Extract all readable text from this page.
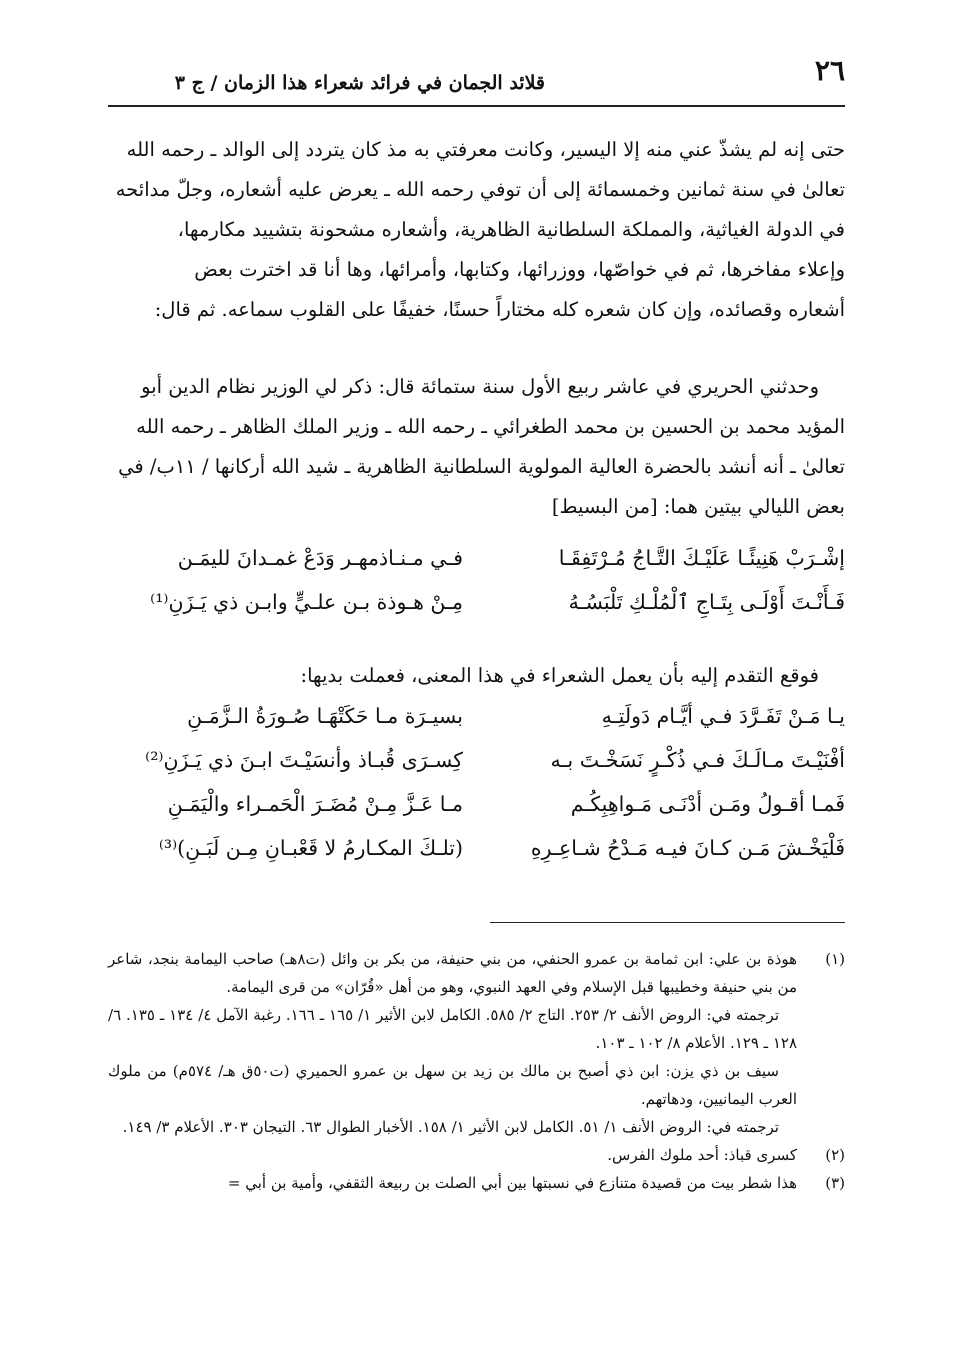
٢٦
قلائد الجمان في فرائد شعراء هذا الزمان / ج ٣

حتى إنه لم يشذّ عني منه إلا اليسير، وكانت معرفتي به مذ كان يتردد إلى الوالد ـ رحمه الله

تعالىٰ في سنة ثمانين وخمسمائة إلى أن توفي رحمه الله ـ يعرض عليه أشعاره، وجلّ مدائحه

في الدولة الغياثية، والمملكة السلطانية الظاهرية، وأشعاره مشحونة بتشييد مكارمها،

وإعلاء مفاخرها، ثم في خواصّها، ووزرائها، وكتابها، وأمرائها، وها أنا قد اخترت بعض

أشعاره وقصائده، وإن كان شعره كله مختاراً حسنًا، خفيفًا على القلوب سماعه. ثم قال:

وحدثني الحريري في عاشر ربيع الأول سنة ستمائة قال: ذكر لي الوزير نظام الدين أبو

المؤيد محمد بن الحسين بن محمد الطغرائي ـ رحمه الله ـ وزير الملك الظاهر ـ رحمه الله

تعالىٰ ـ أنه أنشد بالحضرة العالية المولوية السلطانية الظاهرية ـ شيد الله أركانها / ١١ب/ في

بعض الليالي بيتين هما: [من البسيط]

إشْـرَبْ هَنِيئًـا عَلَيْـكَ التَّـاجُ مُـرْتَفِقَـا
فـي مـنـاذمهـر وَدَعْ غمـدانَ لليمَـن
فَـأَنْـتَ أَوْلَـى بِتَـاجِ ٱلْمُلْـكِ تَلْبَسُـهُ
مِـنْ هـوذة بـن علـيٍّ وابـن ذي يَـزَنِ⁽¹⁾

فوقع التقدم إليه بأن يعمل الشعراء في هذا المعنى، فعملت بديها:

يـا مَـنْ تَفَـرَّدَ فـي أيَّـام دَولَتِـهِ
بسيـرَة مـا حَكَتْهَـا صُـورَةُ الـزَّمَـنِ
أفْنَيْـتَ مـالَـكَ فـي ذُكْـرٍ نَسَخْـتَ بـه
كِسـرَى قُبـاذ وأنسَيْـتَ ابـنَ ذي يَـزَنِ⁽²⁾
فَمـا أقـولُ ومَـن أدْنَـى مَـواهِبِكُـم
مـا عَـزَّ مِـنْ مُضَـرَ الْحَمـراء والْيَمَـنِ
فَلْيَخْـشَ مَـن كـانَ فيـه مَـدْحُ شـاعِـرِهِ
(تلـكَ المكـارمُ لا قَعْبـانِ مِـن لَبَـنِ)⁽³⁾
(١)
هوذة بن علي: ابن ثمامة بن عمرو الحنفي، من بني حنيفة، من بكر بن وائل (ت٨هـ) صاحب اليمامة بنجد، شاعر من بني حنيفة وخطيبها قبل الإسلام وفي العهد النبوي، وهو من أهل «قُرّان» من قرى اليمامة.

ترجمته في: الروض الأنف ٢/ ٢٥٣. التاج ٢/ ٥٨٥. الكامل لابن الأثير ١/ ١٦٥ ـ ١٦٦. رغبة الآمل ٤/ ١٣٤ ـ ١٣٥. ٦/ ١٢٨ ـ ١٢٩. الأعلام ٨/ ١٠٢ ـ ١٠٣.

سيف بن ذي يزن: ابن ذي أصبح بن مالك بن زيد بن سهل بن عمرو الحميري (ت٥٠ق هـ/ ٥٧٤م) من ملوك العرب اليمانيين، ودهاتهم.

ترجمته في: الروض الأنف ١/ ٥١. الكامل لابن الأثير ١/ ١٥٨. الأخبار الطوال ٦٣. التيجان ٣٠٣. الأعلام ٣/ ١٤٩.

(٢)
كسرى قباذ: أحد ملوك الفرس.
(٣)
هذا شطر بيت من قصيدة متنازع في نسبتها بين أبي الصلت بن ربيعة الثقفي، وأمية بن أبي =
